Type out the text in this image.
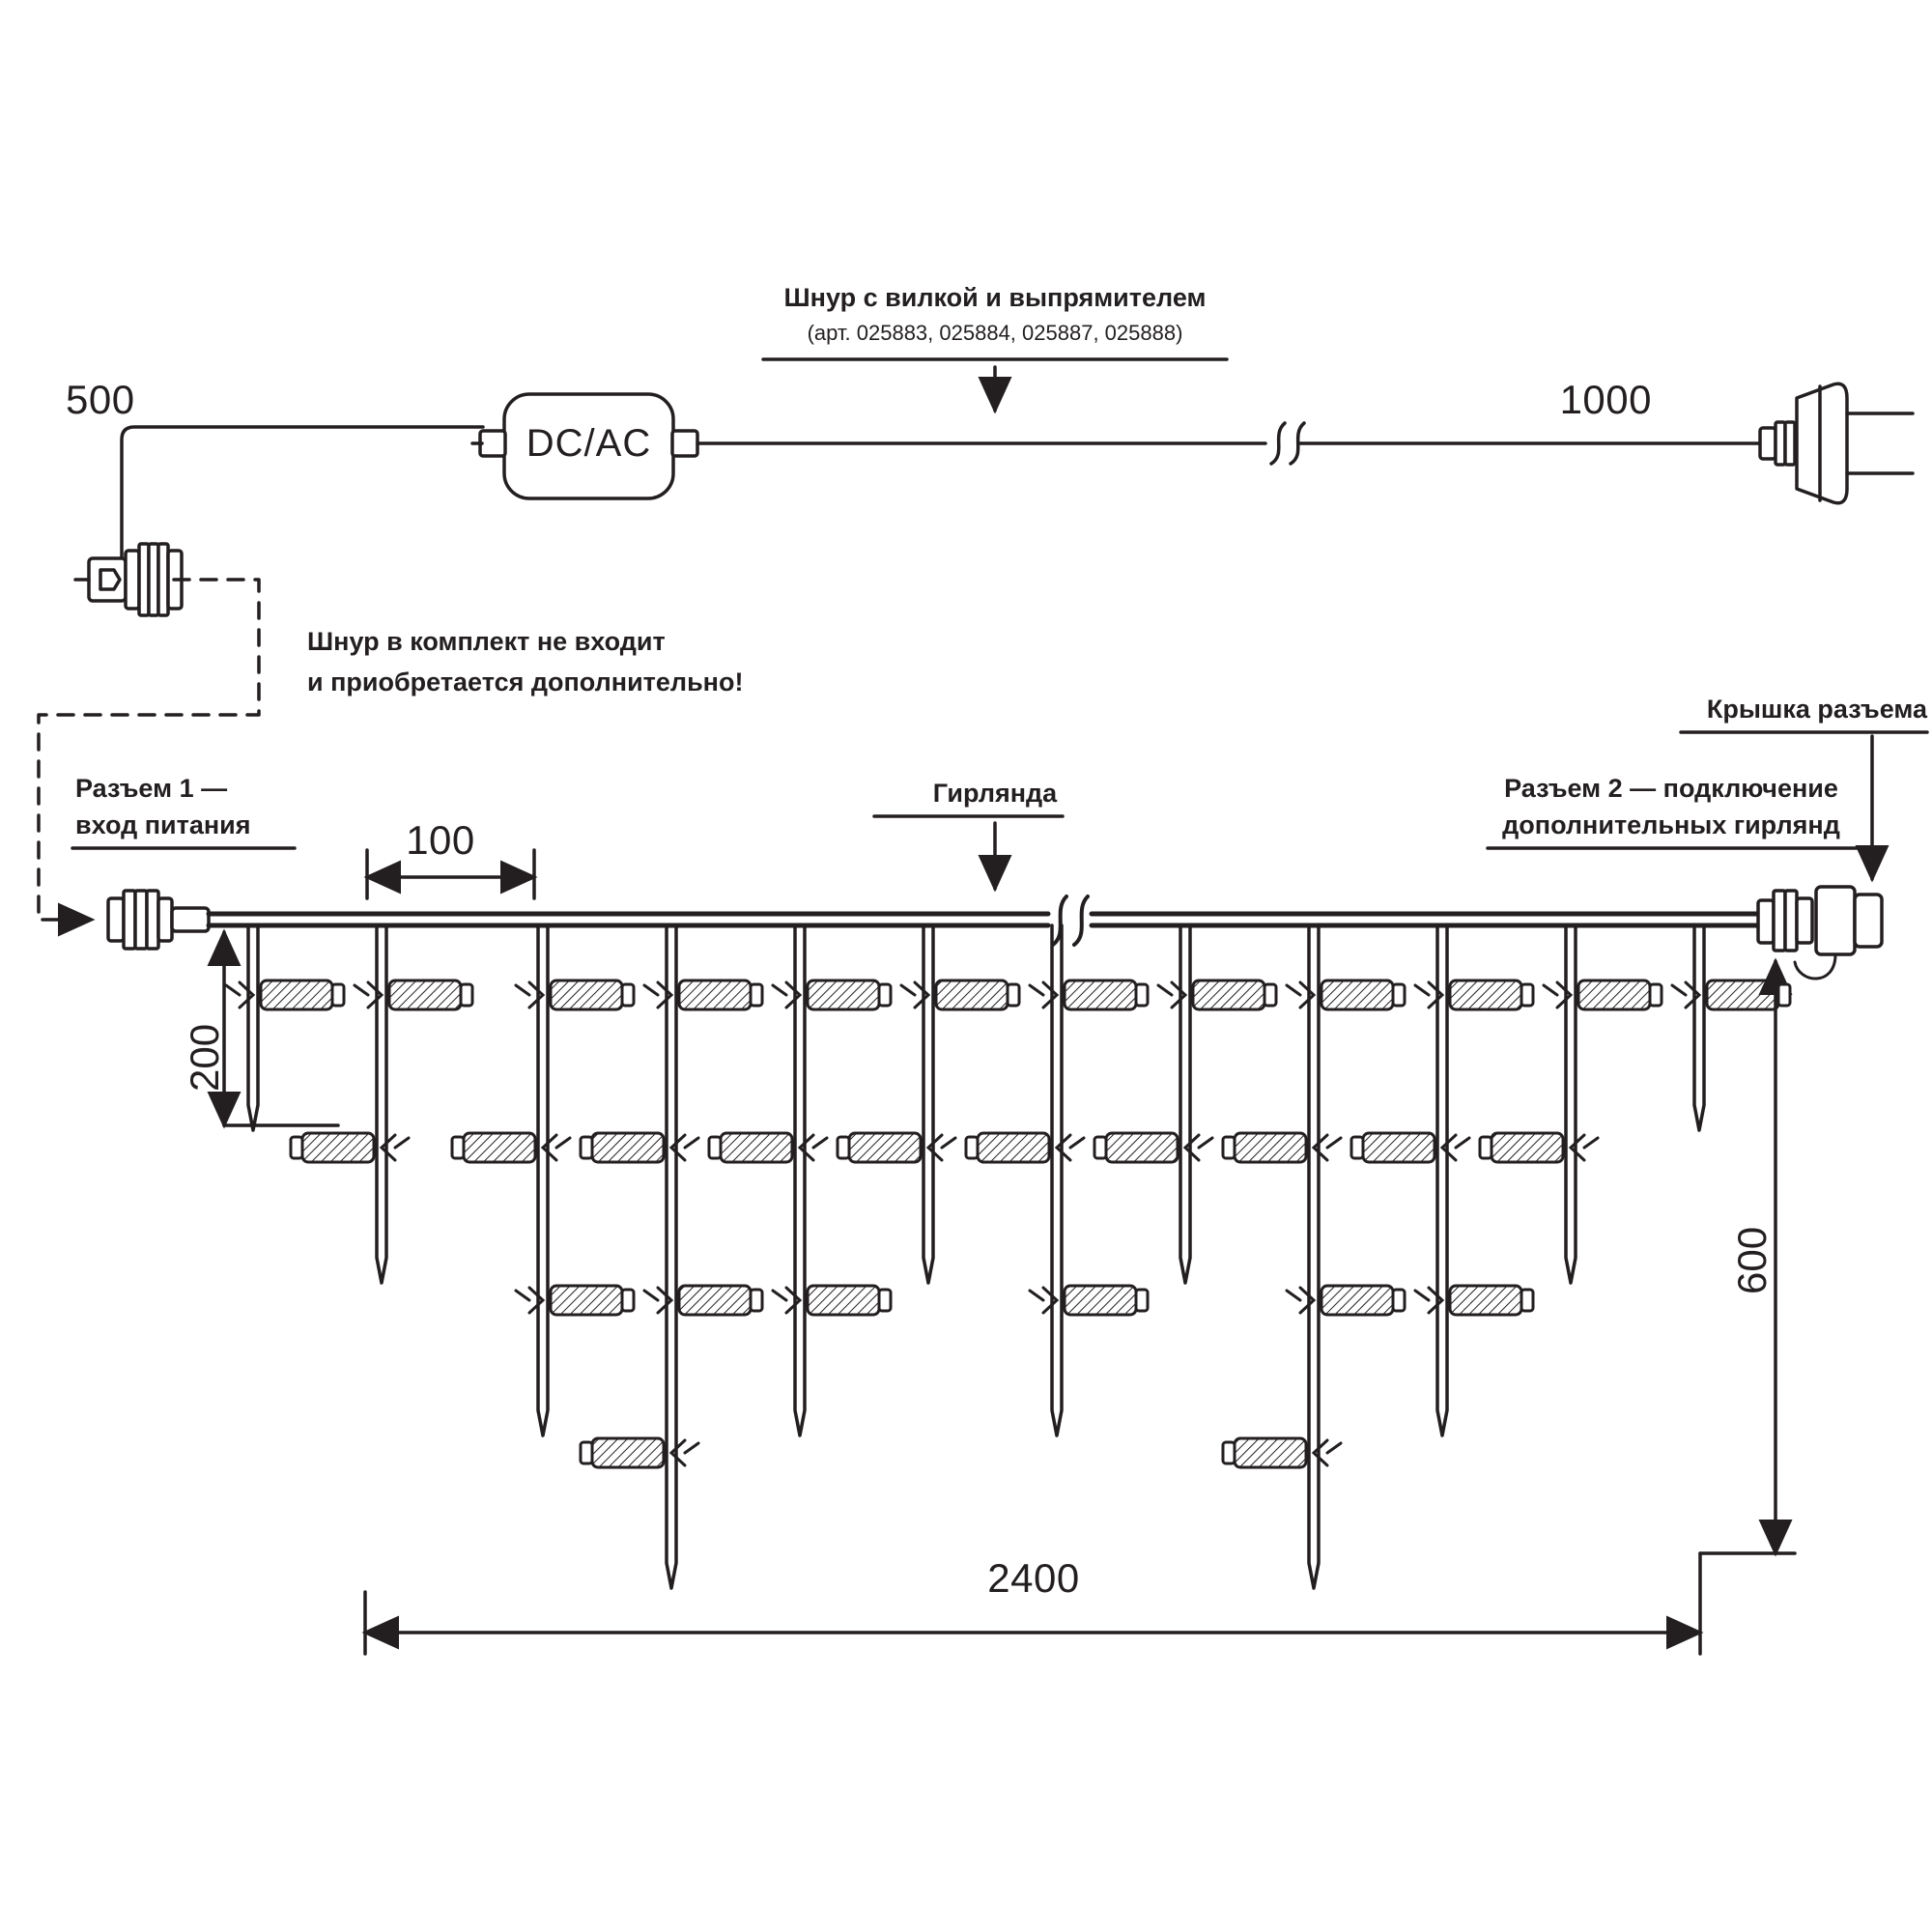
Шнур с вилкой и выпрямителем
(арт. 025883, 025884, 025887, 025888)
500	1000
DC/AC
Шнур в комплект не входит
и приобретается дополнительно!
Разъем 1 —
вход питания
Гирлянда	Разъем 2 — подключение
дополнительных гирлянд
Крышка разъема
100
200
600
2400
